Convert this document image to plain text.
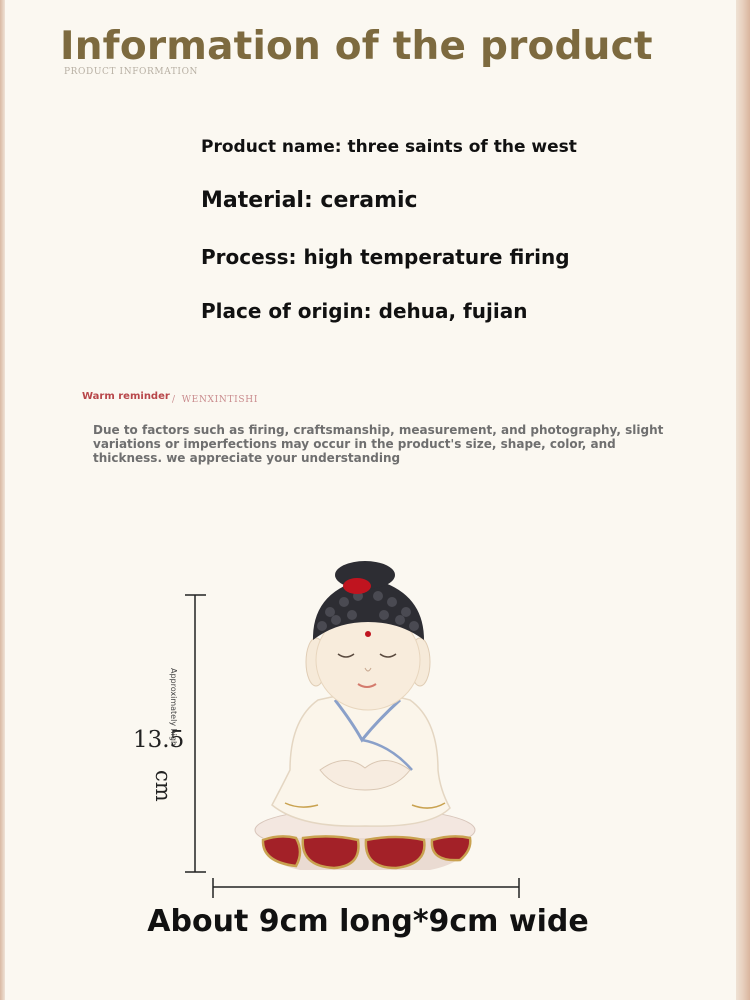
Information of the product
PRODUCT INFORMATION
Product name: three saints of the west
Material: ceramic
Process: high temperature firing
Place of origin: dehua, fujian
Warm reminder / WENXINTISHI

Due to factors such as firing, craftsmanship, measurement, and photography, slight variations or imperfections may occur in the product's size, shape, color, and thickness. we appreciate your understanding

Approximately high
13.5
cm
About 9cm long*9cm wide
